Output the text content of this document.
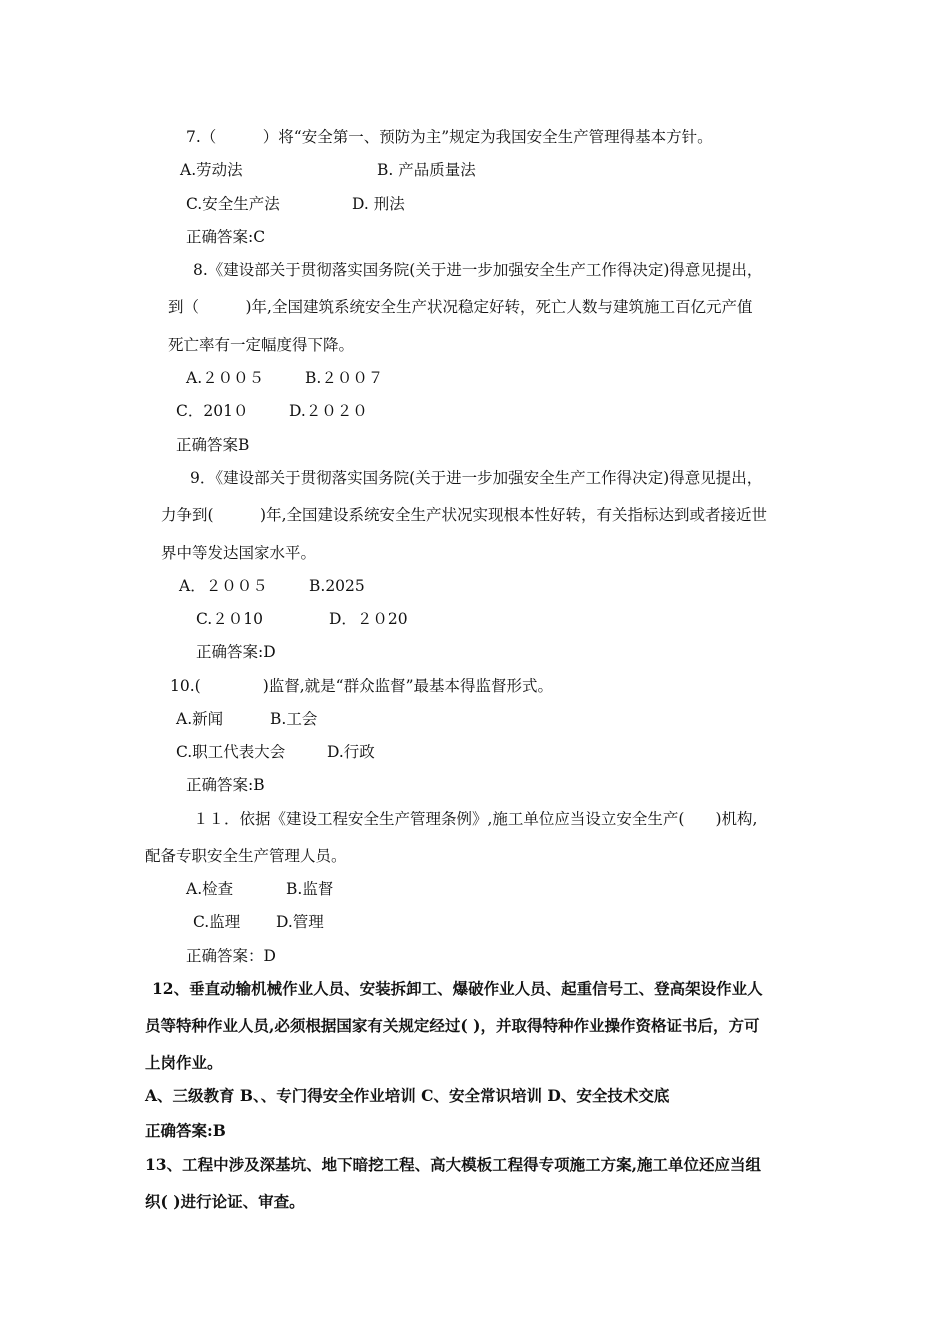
7.（　　　）将“安全第一、预防为主”规定为我国安全生产管理得基本方针。
A.劳动法	B. 产品质量法
C.安全生产法	D. 刑法
正确答案:C
8.《建设部关于贯彻落实国务院(关于进一步加强安全生产工作得决定)得意见提出，
到（　　　)年,全国建筑系统安全生产状况稳定好转，死亡人数与建筑施工百亿元产值
死亡率有一定幅度得下降。
A.２００５	B.２００７
C．201０	D.２０２０
正确答案B
9．《建设部关于贯彻落实国务院(关于进一步加强安全生产工作得决定)得意见提出，
力争到(　　　)年,全国建设系统安全生产状况实现根本性好转，有关指标达到或者接近世
界中等发达国家水平。
A．２００５	B.2025
C.２０10	D．２０20
正确答案:D
10.(　　　　)监督,就是“群众监督”最基本得监督形式。
A.新闻	B.工会
C.职工代表大会	D.行政
正确答案:B
１１．依据《建设工程安全生产管理条例》,施工单位应当设立安全生产(　　)机构,
配备专职安全生产管理人员。
A.检查	B.监督
C.监理 D.管理
正确答案：D
12、垂直动输机械作业人员、安装拆卸工、爆破作业人员、起重信号工、登高架设作业人
员等特种作业人员,必须根据国家有关规定经过( )，并取得特种作业操作资格证书后，方可
上岗作业。
A、三级教育 B、、专门得安全作业培训 C、安全常识培训 D、安全技术交底
正确答案:B
13、工程中涉及深基坑、地下暗挖工程、高大模板工程得专项施工方案,施工单位还应当组
织( )进行论证、审查。
